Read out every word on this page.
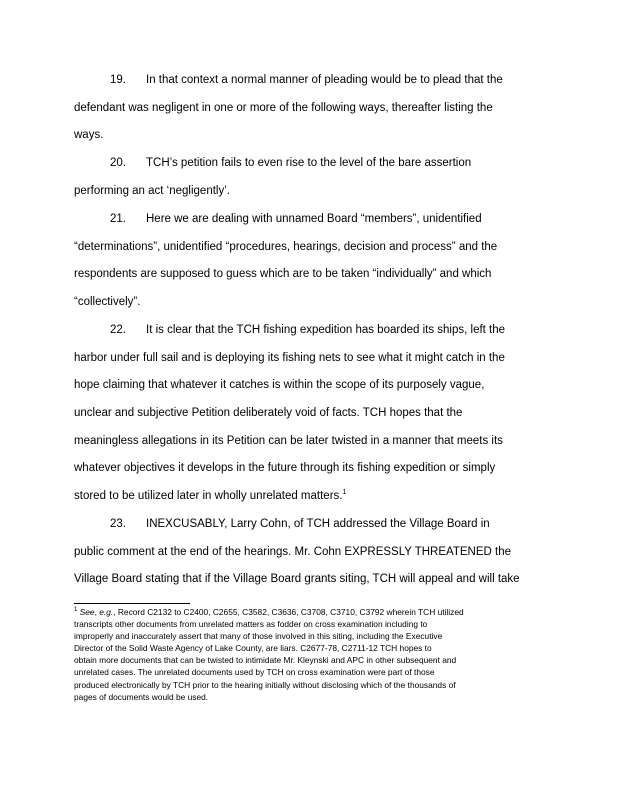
19. In that context a normal manner of pleading would be to plead that the
defendant was negligent in one or more of the following ways, thereafter listing the
ways.
20. TCH’s petition fails to even rise to the level of the bare assertion
performing an act ‘negligently’.
21. Here we are dealing with unnamed Board “members”, unidentified
“determinations”, unidentified “procedures, hearings, decision and process” and the
respondents are supposed to guess which are to be taken “individually” and which
“collectively”.
22. It is clear that the TCH fishing expedition has boarded its ships, left the
harbor under full sail and is deploying its fishing nets to see what it might catch in the
hope claiming that whatever it catches is within the scope of its purposely vague,
unclear and subjective Petition deliberately void of facts. TCH hopes that the
meaningless allegations in its Petition can be later twisted in a manner that meets its
whatever objectives it develops in the future through its fishing expedition or simply
stored to be utilized later in wholly unrelated matters.$^1$
23. INEXCUSABLY, Larry Cohn, of TCH addressed the Village Board in
public comment at the end of the hearings. Mr. Cohn EXPRESSLY THREATENED the
Village Board stating that if the Village Board grants siting, TCH will appeal and will take
$^1$ See, e.g., Record C2132 to C2400, C2655, C3582, C3636, C3708, C3710, C3792 wherein TCH utilized
transcripts other documents from unrelated matters as fodder on cross examination including to
improperly and inaccurately assert that many of those involved in this siting, including the Executive
Director of the Solid Waste Agency of Lake County, are liars. C2677-78, C2711-12 TCH hopes to
obtain more documents that can be twisted to intimidate Mr. Kleynski and APC in other subsequent and
unrelated cases. The unrelated documents used by TCH on cross examination were part of those
produced electronically by TCH prior to the hearing initially without disclosing which of the thousands of
pages of documents would be used.
